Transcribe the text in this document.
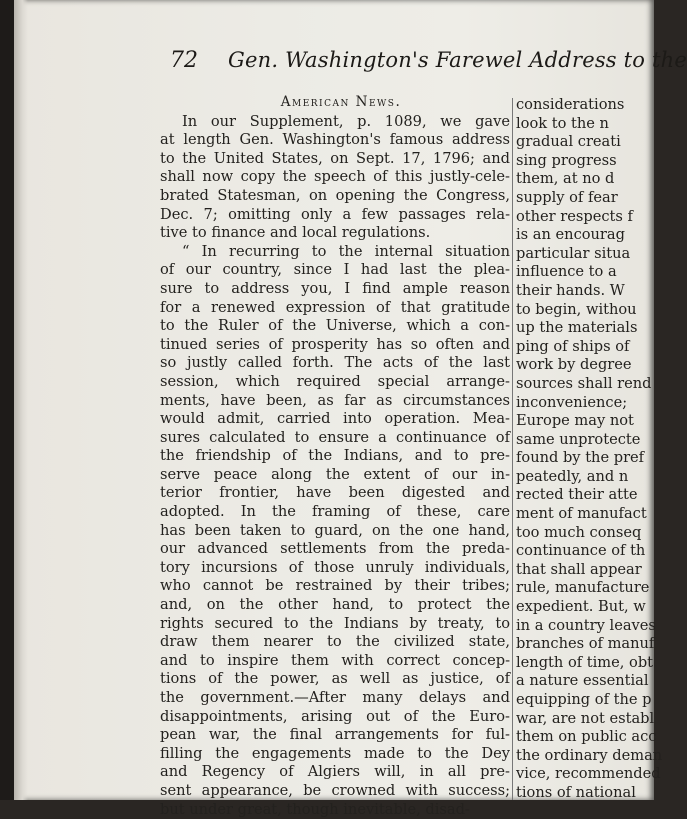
72 Gen. Washington's Farewel Address to the
American News.
In our Supplement, p. 1089, we gave
at length Gen. Washington's famous address
to the United States, on Sept. 17, 1796; and
shall now copy the speech of this justly-cele-
brated Statesman, on opening the Congress,
Dec. 7; omitting only a few passages rela-
tive to finance and local regulations.
“ In recurring to the internal situation
of our country, since I had last the plea-
sure to address you, I find ample reason
for a renewed expression of that gratitude
to the Ruler of the Universe, which a con-
tinued series of prosperity has so often and
so justly called forth. The acts of the last
session, which required special arrange-
ments, have been, as far as circumstances
would admit, carried into operation. Mea-
sures calculated to ensure a continuance of
the friendship of the Indians, and to pre-
serve peace along the extent of our in-
terior frontier, have been digested and
adopted. In the framing of these, care
has been taken to guard, on the one hand,
our advanced settlements from the preda-
tory incursions of those unruly individuals,
who cannot be restrained by their tribes;
and, on the other hand, to protect the
rights secured to the Indians by treaty, to
draw them nearer to the civilized state,
and to inspire them with correct concep-
tions of the power, as well as justice, of
the government.—After many delays and
disappointments, arising out of the Euro-
pean war, the final arrangements for ful-
filling the engagements made to the Dey
and Regency of Algiers will, in all pre-
sent appearance, be crowned with success;
but under great, though inevitable, disad-
considerations
look to the n
gradual creati
sing progress
them, at no d
supply of fear
other respects f
is an encourag
particular situa
influence to a
their hands. W
to begin, withou
up the materials
ping of ships of
work by degree
sources shall rend
inconvenience;
Europe may not
same unprotecte
found by the pref
peatedly, and n
rected their atte
ment of manufact
too much conseq
continuance of th
that shall appear
rule, manufacture
expedient. But, w
in a country leaves
branches of manuf
length of time, obt
a nature essential
equipping of the p
war, are not establ
them on public acc
the ordinary deman
vice, recommended
tions of national
